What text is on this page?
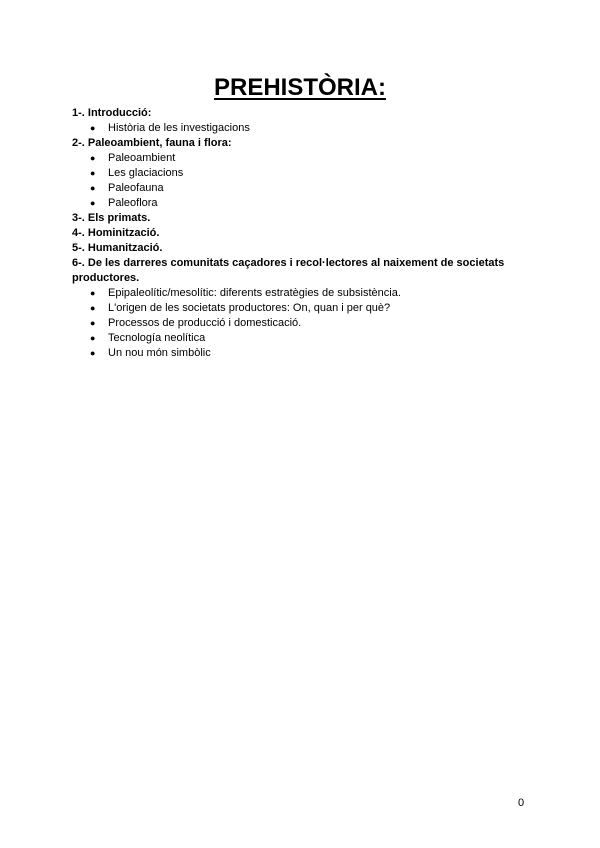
PREHISTÒRIA:

1-. Introducció:

● Història de les investigacions

2-. Paleoambient, fauna i flora:

● Paleoambient
● Les glaciacions
● Paleofauna
● Paleoflora

3-. Els primats.

4-. Hominització.

5-. Humanització.

6-. De les darreres comunitats caçadores i recol·lectores al naixement de societats productores.

● Epipaleolític/mesolític: diferents estratègies de subsistència.
● L'origen de les societats productores: On, quan i per què?
● Processos de producció i domesticació.
● Tecnología neolítica
● Un nou món simbòlic
0
